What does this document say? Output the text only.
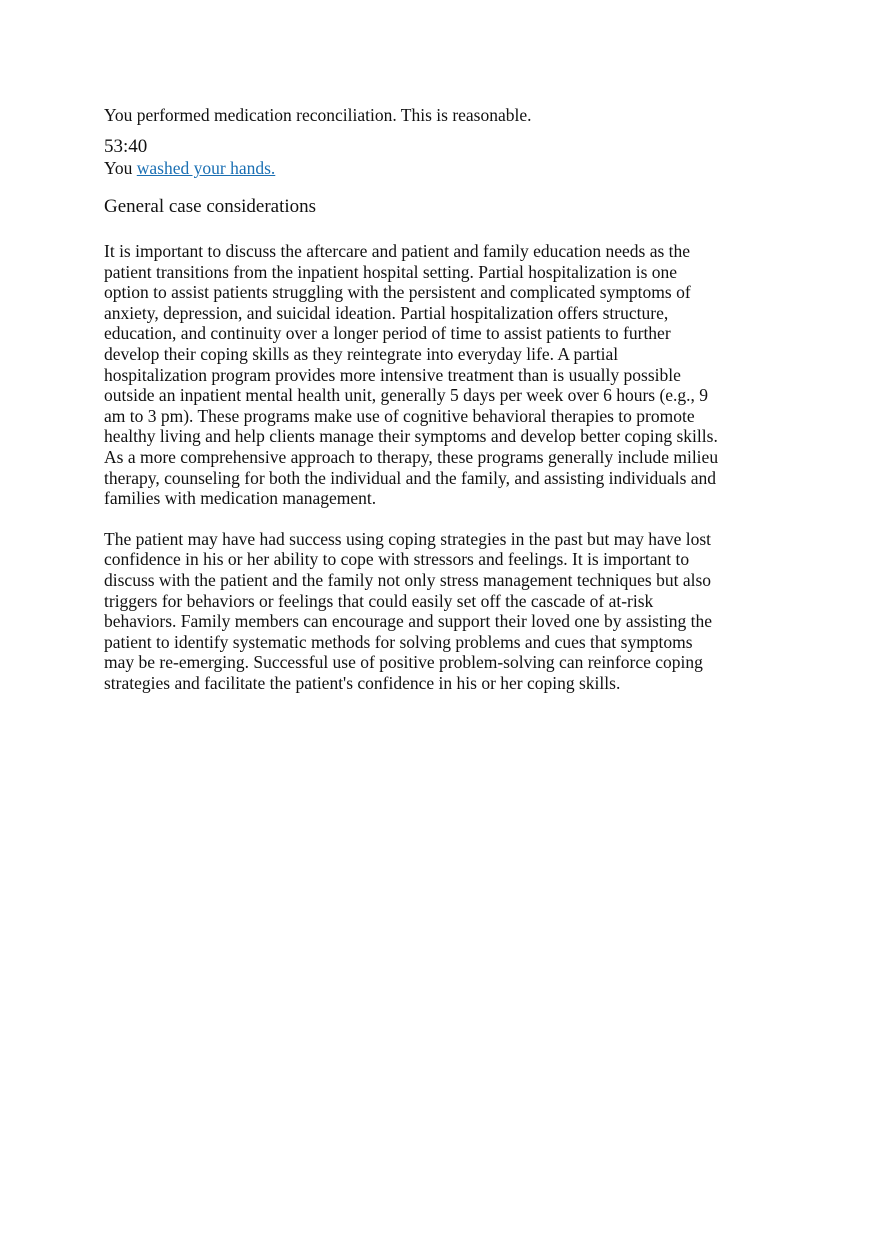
You performed medication reconciliation. This is reasonable.

53:40

You washed your hands.

General case considerations

It is important to discuss the aftercare and patient and family education needs as the patient transitions from the inpatient hospital setting. Partial hospitalization is one option to assist patients struggling with the persistent and complicated symptoms of anxiety, depression, and suicidal ideation. Partial hospitalization offers structure, education, and continuity over a longer period of time to assist patients to further develop their coping skills as they reintegrate into everyday life. A partial hospitalization program provides more intensive treatment than is usually possible outside an inpatient mental health unit, generally 5 days per week over 6 hours (e.g., 9 am to 3 pm). These programs make use of cognitive behavioral therapies to promote healthy living and help clients manage their symptoms and develop better coping skills. As a more comprehensive approach to therapy, these programs generally include milieu therapy, counseling for both the individual and the family, and assisting individuals and families with medication management.

The patient may have had success using coping strategies in the past but may have lost confidence in his or her ability to cope with stressors and feelings. It is important to discuss with the patient and the family not only stress management techniques but also triggers for behaviors or feelings that could easily set off the cascade of at-risk behaviors. Family members can encourage and support their loved one by assisting the patient to identify systematic methods for solving problems and cues that symptoms may be re-emerging. Successful use of positive problem-solving can reinforce coping strategies and facilitate the patient's confidence in his or her coping skills.
